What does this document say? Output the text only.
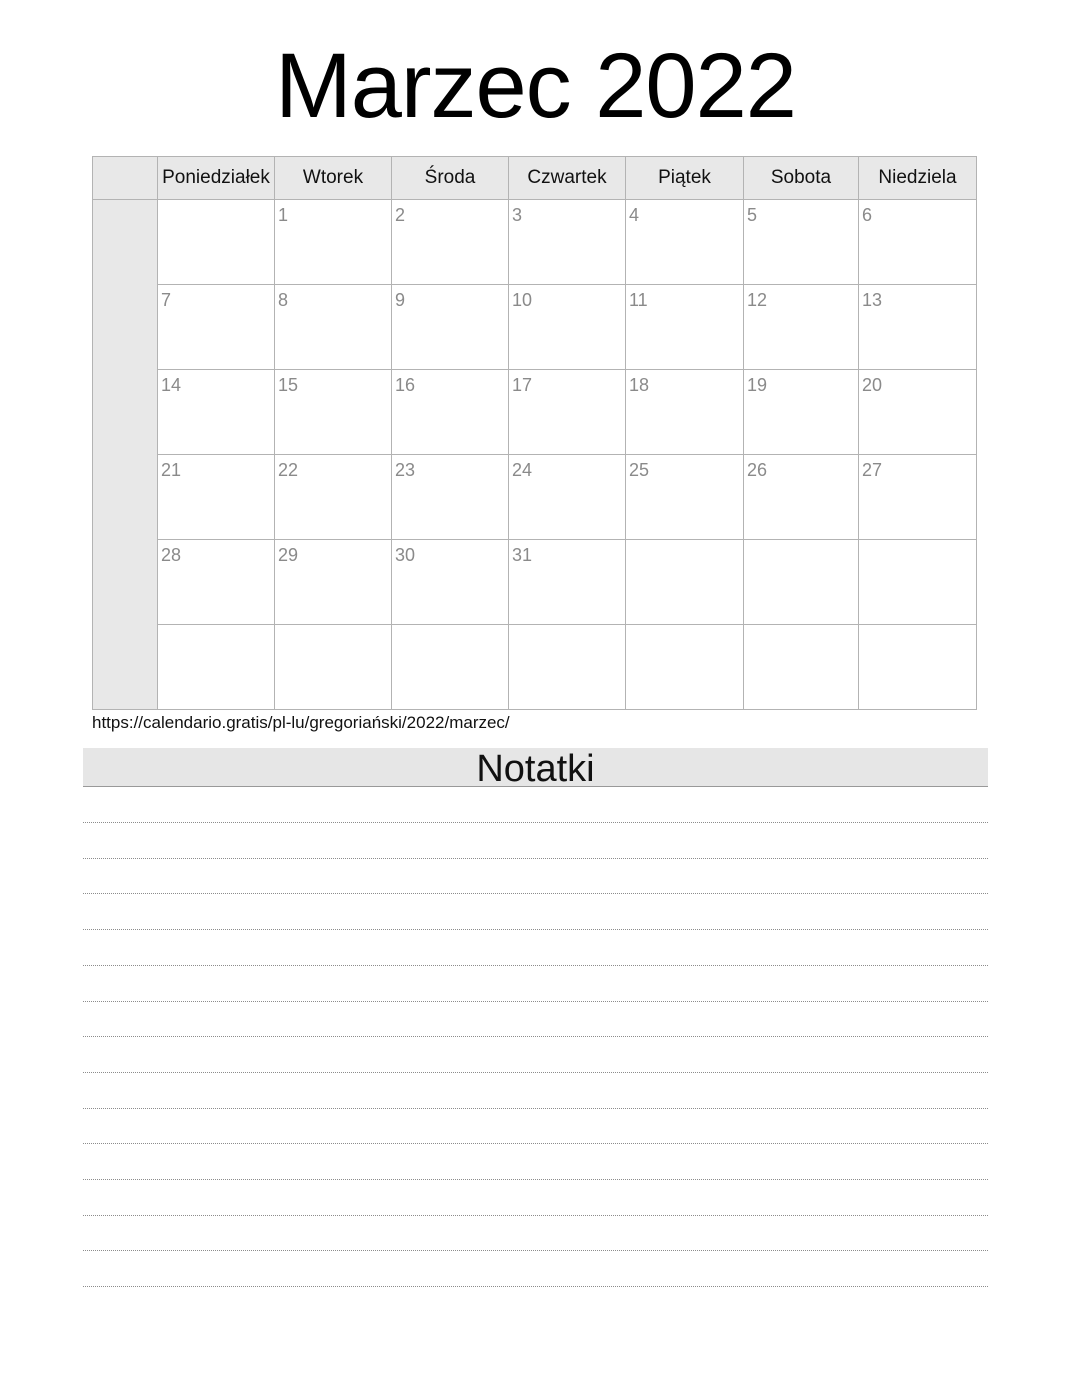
Marzec 2022
	Poniedziałek	Wtorek	Środa	Czwartek	Piątek	Sobota	Niedziela

		1	2	3	4	5	6

	7	8	9	10	11	12	13

	14	15	16	17	18	19	20

	21	22	23	24	25	26	27

	28	29	30	31			

https://calendario.gratis/pl-lu/gregoriański/2022/marzec/
Notatki
